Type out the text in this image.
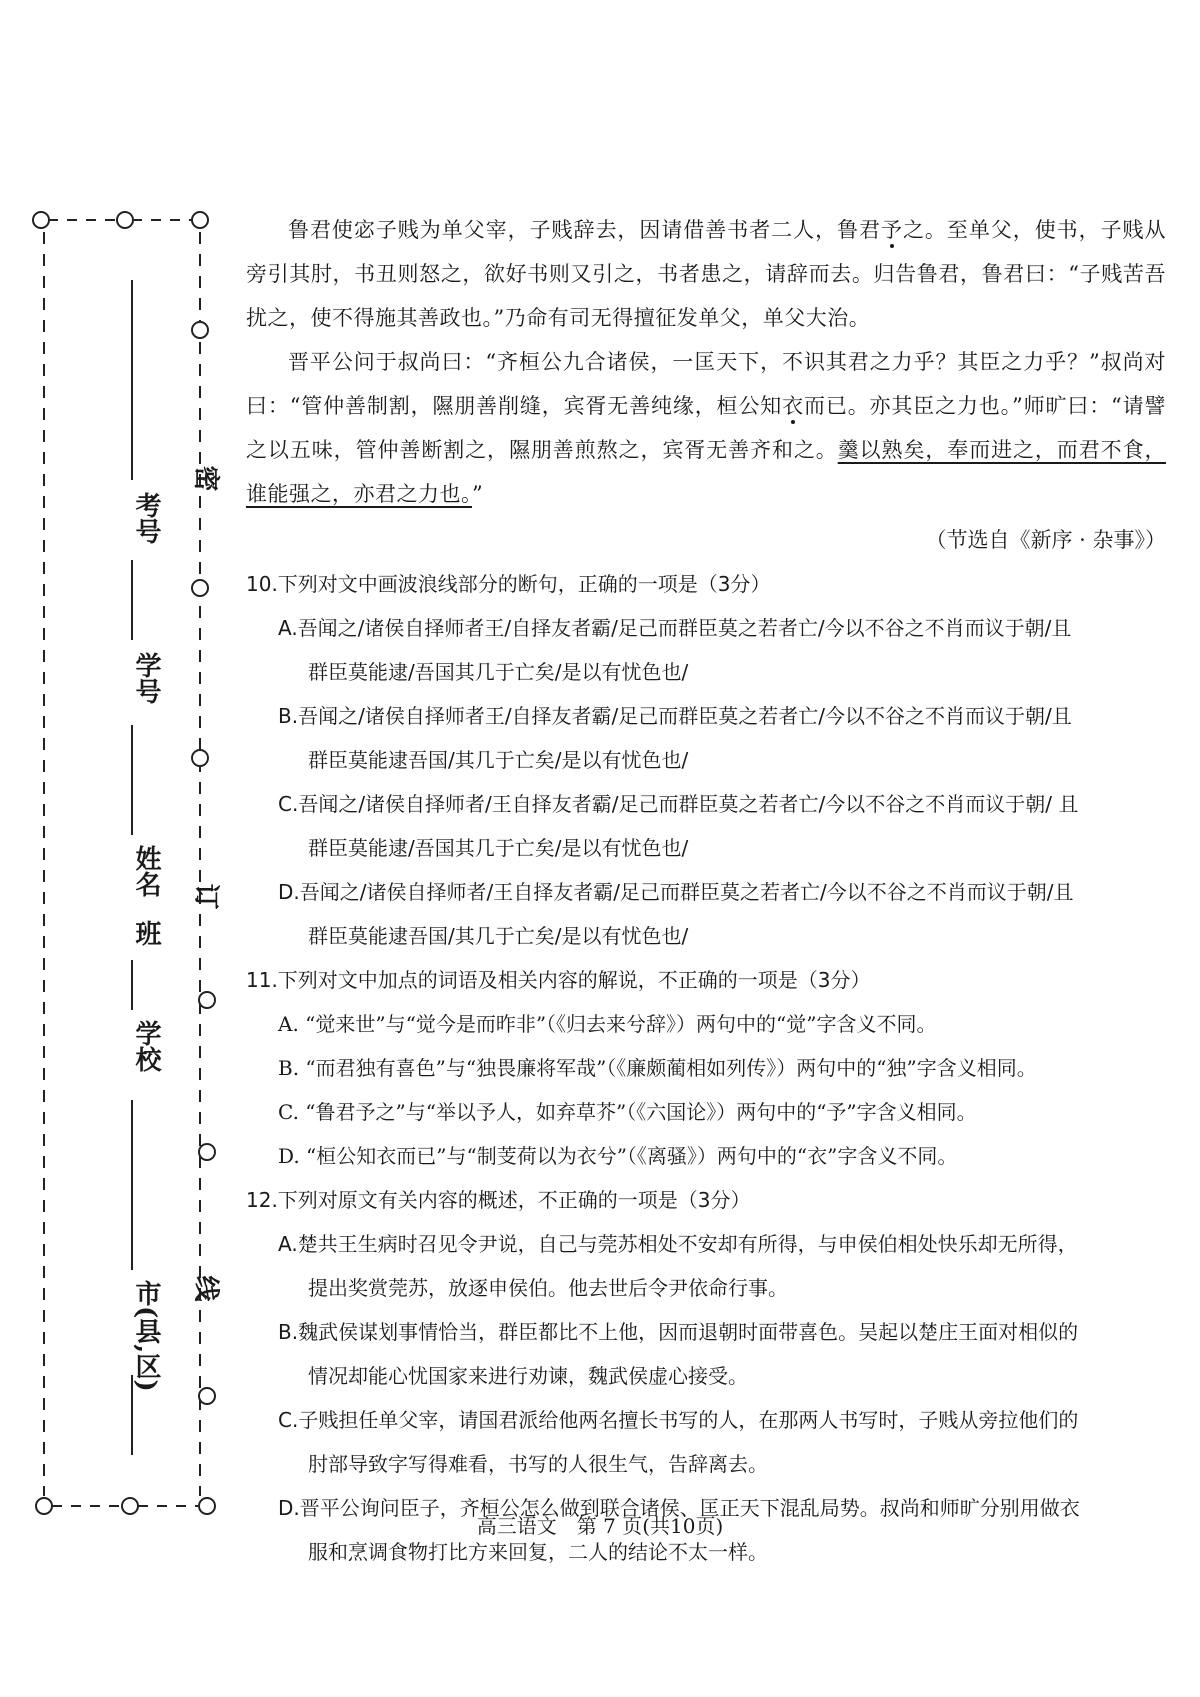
考号
学号
姓名
班
学校
市(县,区)
密
订
线

鲁君使宓子贱为单父宰，子贱辞去，因请借善书者二人，鲁君予之。至单父，使书，子贱从旁引其肘，书丑则怒之，欲好书则又引之，书者患之，请辞而去。归告鲁君，鲁君曰：“子贱苦吾扰之，使不得施其善政也。”乃命有司无得擅征发单父，单父大治。

晋平公问于叔尚曰：“齐桓公九合诸侯，一匡天下，不识其君之力乎？其臣之力乎？”叔尚对曰：“管仲善制割，隰朋善削缝，宾胥无善纯缘，桓公知衣而已。亦其臣之力也。”师旷曰：“请譬之以五味，管仲善断割之，隰朋善煎熬之，宾胥无善齐和之。羹以熟矣，奉而进之，而君不食，谁能强之，亦君之力也。”

（节选自《新序 · 杂事》）

10.下列对文中画波浪线部分的断句，正确的一项是（3分）

A.吾闻之/诸侯自择师者王/自择友者霸/足己而群臣莫之若者亡/今以不谷之不肖而议于朝/且
群臣莫能逮/吾国其几于亡矣/是以有忧色也/

B.吾闻之/诸侯自择师者王/自择友者霸/足己而群臣莫之若者亡/今以不谷之不肖而议于朝/且
群臣莫能逮吾国/其几于亡矣/是以有忧色也/

C.吾闻之/诸侯自择师者/王自择友者霸/足己而群臣莫之若者亡/今以不谷之不肖而议于朝/ 且
群臣莫能逮/吾国其几于亡矣/是以有忧色也/

D.吾闻之/诸侯自择师者/王自择友者霸/足己而群臣莫之若者亡/今以不谷之不肖而议于朝/且
群臣莫能逮吾国/其几于亡矣/是以有忧色也/

11.下列对文中加点的词语及相关内容的解说，不正确的一项是（3分）

A. “觉来世”与“觉今是而昨非”（《归去来兮辞》）两句中的“觉”字含义不同。

B. “而君独有喜色”与“独畏廉将军哉”（《廉颇蔺相如列传》）两句中的“独”字含义相同。

C. “鲁君予之”与“举以予人，如弃草芥”（《六国论》）两句中的“予”字含义相同。

D. “桓公知衣而已”与“制芰荷以为衣兮”（《离骚》）两句中的“衣”字含义不同。

12.下列对原文有关内容的概述，不正确的一项是（3分）

A.楚共王生病时召见令尹说，自己与莞苏相处不安却有所得，与申侯伯相处快乐却无所得，
提出奖赏莞苏，放逐申侯伯。他去世后令尹依命行事。

B.魏武侯谋划事情恰当，群臣都比不上他，因而退朝时面带喜色。吴起以楚庄王面对相似的
情况却能心忧国家来进行劝谏，魏武侯虚心接受。

C.子贱担任单父宰，请国君派给他两名擅长书写的人，在那两人书写时，子贱从旁拉他们的
肘部导致字写得难看，书写的人很生气，告辞离去。

D.晋平公询问臣子，齐桓公怎么做到联合诸侯、匡正天下混乱局势。叔尚和师旷分别用做衣
服和烹调食物打比方来回复，二人的结论不太一样。

高三语文　第 7 页(共10页)
